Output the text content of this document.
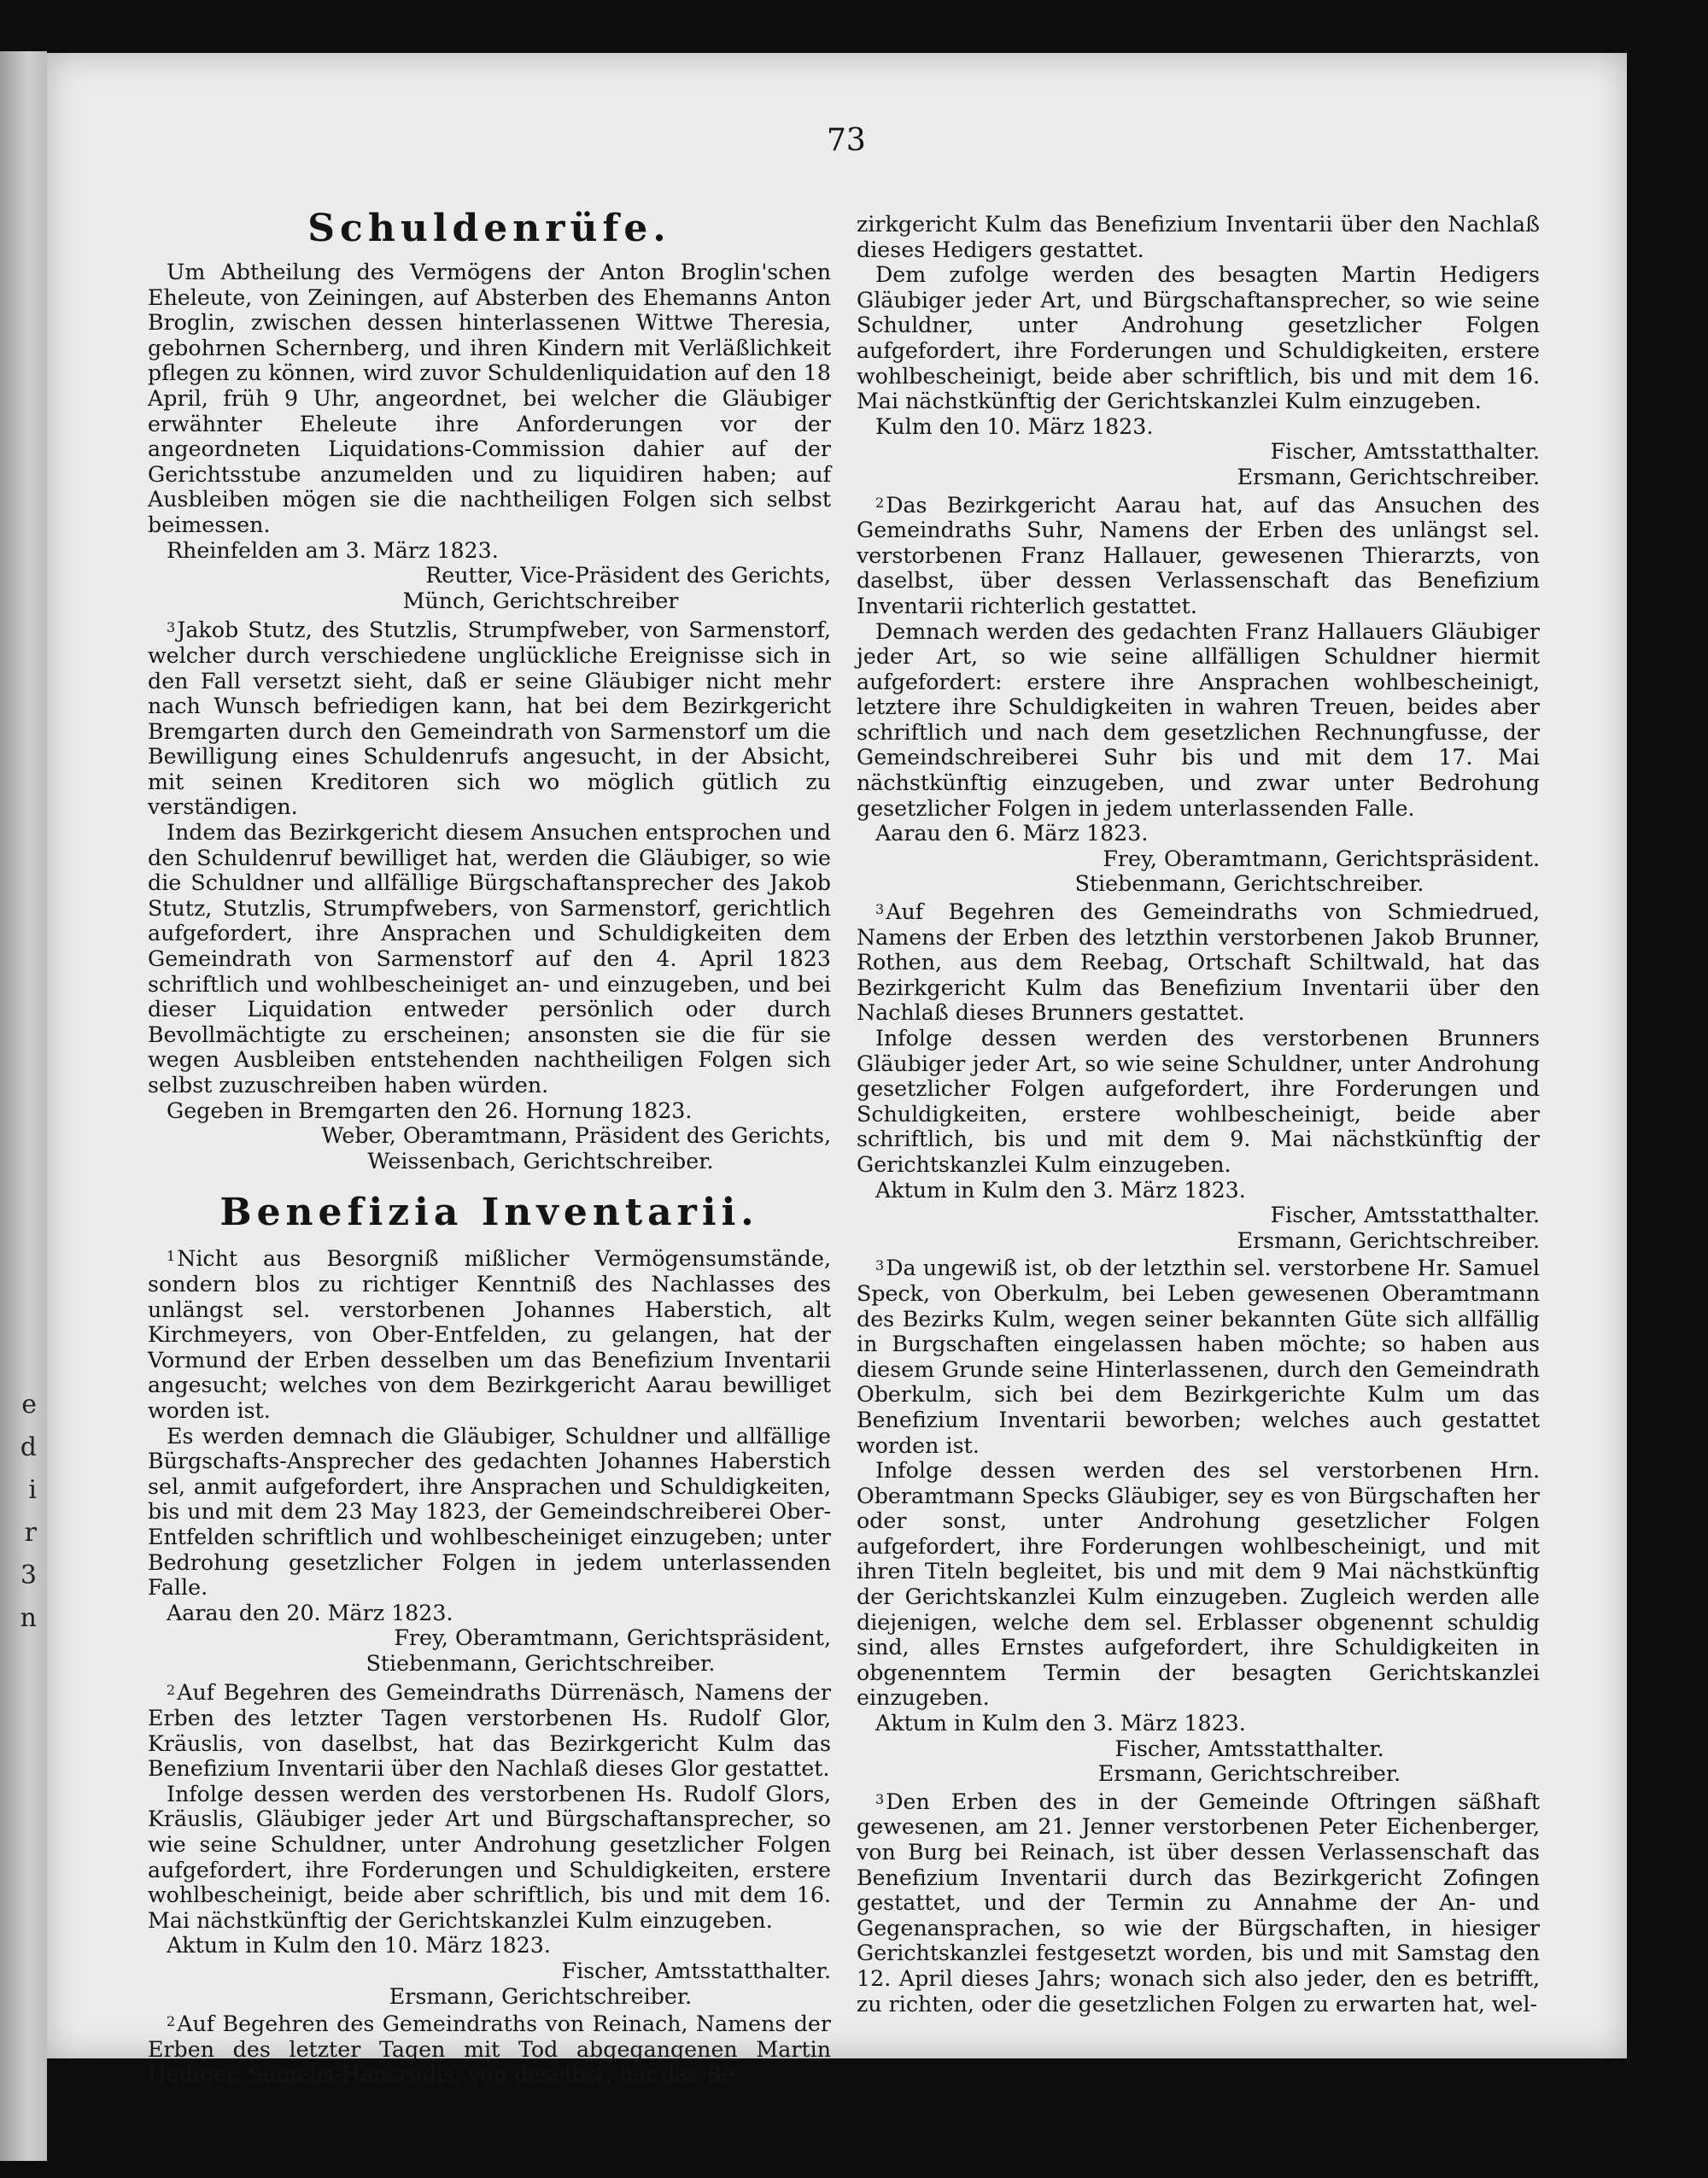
e
d
i
r
3
n
73
Schuldenrüfe.

Um Abtheilung des Vermögens der Anton Broglin'schen Eheleute, von Zeiningen, auf Absterben des Ehemanns Anton Broglin, zwischen dessen hinterlassenen Wittwe Theresia, gebohrnen Schernberg, und ihren Kindern mit Verläßlichkeit pflegen zu können, wird zuvor Schuldenliquidation auf den 18 April, früh 9 Uhr, angeordnet, bei welcher die Gläubiger erwähnter Eheleute ihre Anforderungen vor der angeordneten Liquidations-Commission dahier auf der Gerichtsstube anzumelden und zu liquidiren haben; auf Ausbleiben mögen sie die nachtheiligen Folgen sich selbst beimessen.

Rheinfelden am 3. März 1823.

Reutter, Vice-Präsident des Gerichts,

Münch, Gerichtschreiber

$^3$Jakob Stutz, des Stutzlis, Strumpfweber, von Sarmenstorf, welcher durch verschiedene unglückliche Ereignisse sich in den Fall versetzt sieht, daß er seine Gläubiger nicht mehr nach Wunsch befriedigen kann, hat bei dem Bezirkgericht Bremgarten durch den Gemeindrath von Sarmenstorf um die Bewilligung eines Schuldenrufs angesucht, in der Absicht, mit seinen Kreditoren sich wo möglich gütlich zu verständigen.

Indem das Bezirkgericht diesem Ansuchen entsprochen und den Schuldenruf bewilliget hat, werden die Gläubiger, so wie die Schuldner und allfällige Bürgschaftansprecher des Jakob Stutz, Stutzlis, Strumpfwebers, von Sarmenstorf, gerichtlich aufgefordert, ihre Ansprachen und Schuldigkeiten dem Gemeindrath von Sarmenstorf auf den 4. April 1823 schriftlich und wohlbescheiniget an- und einzugeben, und bei dieser Liquidation entweder persönlich oder durch Bevollmächtigte zu erscheinen; ansonsten sie die für sie wegen Ausbleiben entstehenden nachtheiligen Folgen sich selbst zuzuschreiben haben würden.

Gegeben in Bremgarten den 26. Hornung 1823.

Weber, Oberamtmann, Präsident des Gerichts,

Weissenbach, Gerichtschreiber.

Benefizia Inventarii.

$^1$Nicht aus Besorgniß mißlicher Vermögensumstände, sondern blos zu richtiger Kenntniß des Nachlasses des unlängst sel. verstorbenen Johannes Haberstich, alt Kirchmeyers, von Ober-Entfelden, zu gelangen, hat der Vormund der Erben desselben um das Benefizium Inventarii angesucht; welches von dem Bezirkgericht Aarau bewilliget worden ist.

Es werden demnach die Gläubiger, Schuldner und allfällige Bürgschafts-Ansprecher des gedachten Johannes Haberstich sel, anmit aufgefordert, ihre Ansprachen und Schuldigkeiten, bis und mit dem 23 May 1823, der Gemeindschreiberei Ober-Entfelden schriftlich und wohlbescheiniget einzugeben; unter Bedrohung gesetzlicher Folgen in jedem unterlassenden Falle.

Aarau den 20. März 1823.

Frey, Oberamtmann, Gerichtspräsident,

Stiebenmann, Gerichtschreiber.

$^2$Auf Begehren des Gemeindraths Dürrenäsch, Namens der Erben des letzter Tagen verstorbenen Hs. Rudolf Glor, Kräuslis, von daselbst, hat das Bezirkgericht Kulm das Benefizium Inventarii über den Nachlaß dieses Glor gestattet.

Infolge dessen werden des verstorbenen Hs. Rudolf Glors, Kräuslis, Gläubiger jeder Art und Bürgschaftansprecher, so wie seine Schuldner, unter Androhung gesetzlicher Folgen aufgefordert, ihre Forderungen und Schuldigkeiten, erstere wohlbescheinigt, beide aber schriftlich, bis und mit dem 16. Mai nächstkünftig der Gerichtskanzlei Kulm einzugeben.

Aktum in Kulm den 10. März 1823.

Fischer, Amtsstatthalter.

Ersmann, Gerichtschreiber.

$^2$Auf Begehren des Gemeindraths von Reinach, Namens der Erben des letzter Tagen mit Tod abgegangenen Martin Hediger, Samelis-Hansrudis, von daselbst, hat das Be-

zirkgericht Kulm das Benefizium Inventarii über den Nachlaß dieses Hedigers gestattet.

Dem zufolge werden des besagten Martin Hedigers Gläubiger jeder Art, und Bürgschaftansprecher, so wie seine Schuldner, unter Androhung gesetzlicher Folgen aufgefordert, ihre Forderungen und Schuldigkeiten, erstere wohlbescheinigt, beide aber schriftlich, bis und mit dem 16. Mai nächstkünftig der Gerichtskanzlei Kulm einzugeben.

Kulm den 10. März 1823.

Fischer, Amtsstatthalter.

Ersmann, Gerichtschreiber.

$^2$Das Bezirkgericht Aarau hat, auf das Ansuchen des Gemeindraths Suhr, Namens der Erben des unlängst sel. verstorbenen Franz Hallauer, gewesenen Thierarzts, von daselbst, über dessen Verlassenschaft das Benefizium Inventarii richterlich gestattet.

Demnach werden des gedachten Franz Hallauers Gläubiger jeder Art, so wie seine allfälligen Schuldner hiermit aufgefordert: erstere ihre Ansprachen wohlbescheinigt, letztere ihre Schuldigkeiten in wahren Treuen, beides aber schriftlich und nach dem gesetzlichen Rechnungfusse, der Gemeindschreiberei Suhr bis und mit dem 17. Mai nächstkünftig einzugeben, und zwar unter Bedrohung gesetzlicher Folgen in jedem unterlassenden Falle.

Aarau den 6. März 1823.

Frey, Oberamtmann, Gerichtspräsident.

Stiebenmann, Gerichtschreiber.

$^3$Auf Begehren des Gemeindraths von Schmiedrued, Namens der Erben des letzthin verstorbenen Jakob Brunner, Rothen, aus dem Reebag, Ortschaft Schiltwald, hat das Bezirkgericht Kulm das Benefizium Inventarii über den Nachlaß dieses Brunners gestattet.

Infolge dessen werden des verstorbenen Brunners Gläubiger jeder Art, so wie seine Schuldner, unter Androhung gesetzlicher Folgen aufgefordert, ihre Forderungen und Schuldigkeiten, erstere wohlbescheinigt, beide aber schriftlich, bis und mit dem 9. Mai nächstkünftig der Gerichtskanzlei Kulm einzugeben.

Aktum in Kulm den 3. März 1823.

Fischer, Amtsstatthalter.

Ersmann, Gerichtschreiber.

$^3$Da ungewiß ist, ob der letzthin sel. verstorbene Hr. Samuel Speck, von Oberkulm, bei Leben gewesenen Oberamtmann des Bezirks Kulm, wegen seiner bekannten Güte sich allfällig in Burgschaften eingelassen haben möchte; so haben aus diesem Grunde seine Hinterlassenen, durch den Gemeindrath Oberkulm, sich bei dem Bezirkgerichte Kulm um das Benefizium Inventarii beworben; welches auch gestattet worden ist.

Infolge dessen werden des sel verstorbenen Hrn. Oberamtmann Specks Gläubiger, sey es von Bürgschaften her oder sonst, unter Androhung gesetzlicher Folgen aufgefordert, ihre Forderungen wohlbescheinigt, und mit ihren Titeln begleitet, bis und mit dem 9 Mai nächstkünftig der Gerichtskanzlei Kulm einzugeben. Zugleich werden alle diejenigen, welche dem sel. Erblasser obgenennt schuldig sind, alles Ernstes aufgefordert, ihre Schuldigkeiten in obgenenntem Termin der besagten Gerichtskanzlei einzugeben.

Aktum in Kulm den 3. März 1823.

Fischer, Amtsstatthalter.

Ersmann, Gerichtschreiber.

$^3$Den Erben des in der Gemeinde Oftringen säßhaft gewesenen, am 21. Jenner verstorbenen Peter Eichenberger, von Burg bei Reinach, ist über dessen Verlassenschaft das Benefizium Inventarii durch das Bezirkgericht Zofingen gestattet, und der Termin zu Annahme der An- und Gegenansprachen, so wie der Bürgschaften, in hiesiger Gerichtskanzlei festgesetzt worden, bis und mit Samstag den 12. April dieses Jahrs; wonach sich also jeder, den es betrifft, zu richten, oder die gesetzlichen Folgen zu erwarten hat, wel-
